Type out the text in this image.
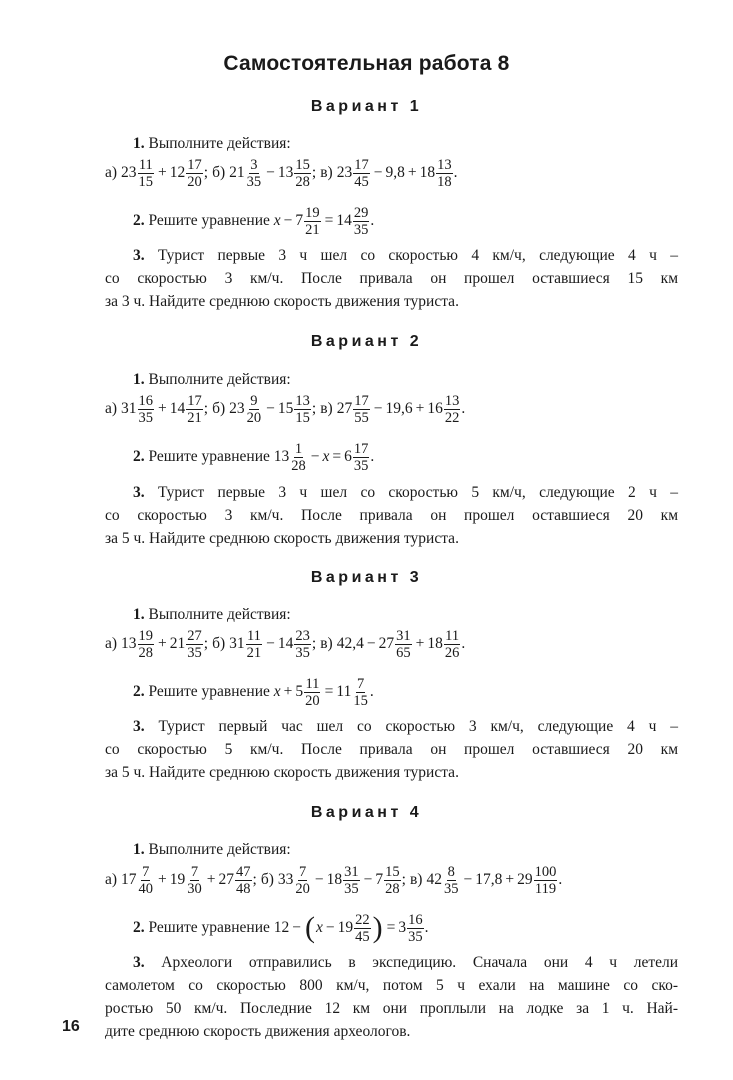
Самостоятельная работа 8
Вариант 1
1. Выполните действия:
а) $23 \frac{11}{15} + 12 \frac{17}{20}$ ; б) $21 \frac{3}{35} - 13 \frac{15}{28}$ ; в) $23 \frac{17}{45} - 9,8 + 18 \frac{13}{18}$ .
2.
Решите уравнение
$x - 7 \frac{19}{21} = 14 \frac{29}{35}$ .
3. Турист первые 3 ч шел со скоростью 4 км/ч, следующие 4 ч –
со скоростью 3 км/ч. После привала он прошел оставшиеся 15 км
за 3 ч. Найдите среднюю скорость движения туриста.
Вариант 2
1. Выполните действия:
а) $31 \frac{16}{35} + 14 \frac{17}{21}$ ; б) $23 \frac{9}{20} - 15 \frac{13}{15}$ ; в) $27 \frac{17}{55} - 19,6 + 16 \frac{13}{22}$ .
2.
Решите уравнение
$13 \frac{1}{28} - x = 6 \frac{17}{35}$ .
3. Турист первые 3 ч шел со скоростью 5 км/ч, следующие 2 ч –
со скоростью 3 км/ч. После привала он прошел оставшиеся 20 км
за 5 ч. Найдите среднюю скорость движения туриста.
Вариант 3
1. Выполните действия:
а) $13 \frac{19}{28} + 21 \frac{27}{35}$ ; б) $31 \frac{11}{21} - 14 \frac{23}{35}$ ; в) $42,4 - 27 \frac{31}{65} + 18 \frac{11}{26}$ .
2.
Решите уравнение
$x + 5 \frac{11}{20} = 11 \frac{7}{15}$ .
3. Турист первый час шел со скоростью 3 км/ч, следующие 4 ч –
со скоростью 5 км/ч. После привала он прошел оставшиеся 20 км
за 5 ч. Найдите среднюю скорость движения туриста.
Вариант 4
1. Выполните действия:
а) $17 \frac{7}{40} + 19 \frac{7}{30} + 27 \frac{47}{48}$ ; б) $33 \frac{7}{20} - 18 \frac{31}{35} - 7 \frac{15}{28}$ ; в) $42 \frac{8}{35} - 17,8 + 29 \frac{100}{119}$ .
2.
Решите уравнение
12 − ( $x - 19 \frac{22}{45}$ ) = $3 \frac{16}{35}$ .
3. Археологи отправились в экспедицию. Сначала они 4 ч летели
самолетом со скоростью 800 км/ч, потом 5 ч ехали на машине со ско-
ростью 50 км/ч. Последние 12 км они проплыли на лодке за 1 ч. Най-
дите среднюю скорость движения археологов.
16
